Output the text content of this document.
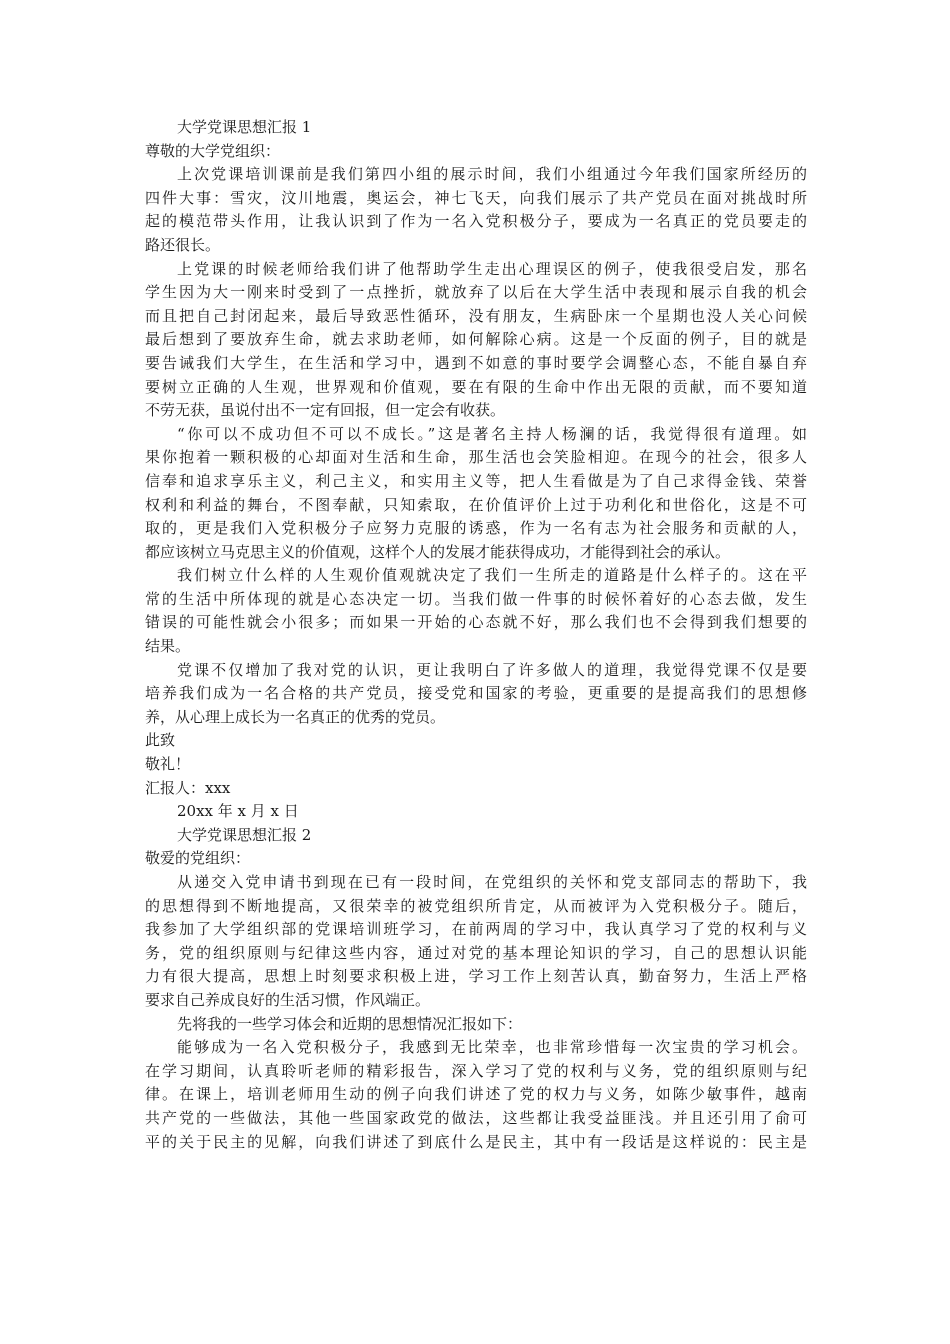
大学党课思想汇报 1
尊敬的大学党组织：
上次党课培训课前是我们第四小组的展示时间，我们小组通过今年我们国家所经历的
四件大事：雪灾，汶川地震，奥运会，神七飞天，向我们展示了共产党员在面对挑战时所
起的模范带头作用，让我认识到了作为一名入党积极分子，要成为一名真正的党员要走的
路还很长。
上党课的时候老师给我们讲了他帮助学生走出心理误区的例子，使我很受启发，那名
学生因为大一刚来时受到了一点挫折，就放弃了以后在大学生活中表现和展示自我的机会
而且把自己封闭起来，最后导致恶性循环，没有朋友，生病卧床一个星期也没人关心问候
最后想到了要放弃生命，就去求助老师，如何解除心病。这是一个反面的例子，目的就是
要告诫我们大学生，在生活和学习中，遇到不如意的事时要学会调整心态，不能自暴自弃
要树立正确的人生观，世界观和价值观，要在有限的生命中作出无限的贡献，而不要知道
不劳无获，虽说付出不一定有回报，但一定会有收获。
“你可以不成功但不可以不成长。”这是著名主持人杨澜的话，我觉得很有道理。如
果你抱着一颗积极的心却面对生活和生命，那生活也会笑脸相迎。在现今的社会，很多人
信奉和追求享乐主义，利己主义，和实用主义等，把人生看做是为了自己求得金钱、荣誉
权利和利益的舞台，不图奉献，只知索取，在价值评价上过于功利化和世俗化，这是不可
取的，更是我们入党积极分子应努力克服的诱惑，作为一名有志为社会服务和贡献的人，
都应该树立马克思主义的价值观，这样个人的发展才能获得成功，才能得到社会的承认。
我们树立什么样的人生观价值观就决定了我们一生所走的道路是什么样子的。这在平
常的生活中所体现的就是心态决定一切。当我们做一件事的时候怀着好的心态去做，发生
错误的可能性就会小很多；而如果一开始的心态就不好，那么我们也不会得到我们想要的
结果。
党课不仅增加了我对党的认识，更让我明白了许多做人的道理，我觉得党课不仅是要
培养我们成为一名合格的共产党员，接受党和国家的考验，更重要的是提高我们的思想修
养，从心理上成长为一名真正的优秀的党员。
此致
敬礼！
汇报人：xxx
20xx 年 x 月 x 日
大学党课思想汇报 2
敬爱的党组织：
从递交入党申请书到现在已有一段时间，在党组织的关怀和党支部同志的帮助下，我
的思想得到不断地提高，又很荣幸的被党组织所肯定，从而被评为入党积极分子。随后，
我参加了大学组织部的党课培训班学习，在前两周的学习中，我认真学习了党的权利与义
务，党的组织原则与纪律这些内容，通过对党的基本理论知识的学习，自己的思想认识能
力有很大提高，思想上时刻要求积极上进，学习工作上刻苦认真，勤奋努力，生活上严格
要求自己养成良好的生活习惯，作风端正。
先将我的一些学习体会和近期的思想情况汇报如下：
能够成为一名入党积极分子，我感到无比荣幸，也非常珍惜每一次宝贵的学习机会。
在学习期间，认真聆听老师的精彩报告，深入学习了党的权利与义务，党的组织原则与纪
律。在课上，培训老师用生动的例子向我们讲述了党的权力与义务，如陈少敏事件，越南
共产党的一些做法，其他一些国家政党的做法，这些都让我受益匪浅。并且还引用了俞可
平的关于民主的见解，向我们讲述了到底什么是民主，其中有一段话是这样说的：民主是
